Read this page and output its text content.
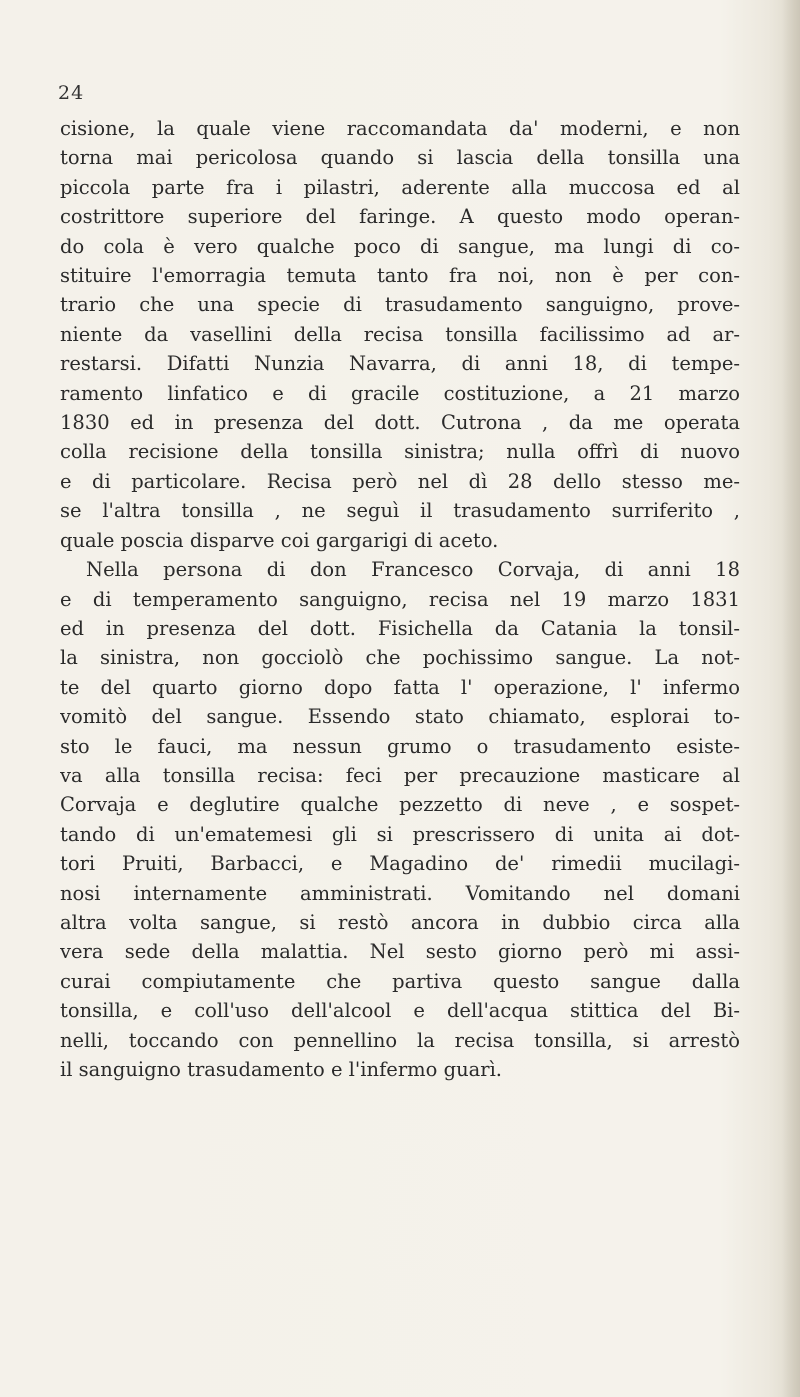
24
cisione, la quale viene raccomandata da' moderni, e non
torna mai pericolosa quando si lascia della tonsilla una
piccola parte fra i pilastri, aderente alla muccosa ed al
costrittore superiore del faringe. A questo modo operan-
do cola è vero qualche poco di sangue, ma lungi di co-
stituire l'emorragia temuta tanto fra noi, non è per con-
trario che una specie di trasudamento sanguigno, prove-
niente da vasellini della recisa tonsilla facilissimo ad ar-
restarsi. Difatti Nunzia Navarra, di anni 18, di tempe-
ramento linfatico e di gracile costituzione, a 21 marzo
1830 ed in presenza del dott. Cutrona , da me operata
colla recisione della tonsilla sinistra; nulla offrì di nuovo
e di particolare. Recisa però nel dì 28 dello stesso me-
se l'altra tonsilla , ne seguì il trasudamento surriferito ,
quale poscia disparve coi gargarigi di aceto.
Nella persona di don Francesco Corvaja, di anni 18
e di temperamento sanguigno, recisa nel 19 marzo 1831
ed in presenza del dott. Fisichella da Catania la tonsil-
la sinistra, non gocciolò che pochissimo sangue. La not-
te del quarto giorno dopo fatta l' operazione, l' infermo
vomitò del sangue. Essendo stato chiamato, esplorai to-
sto le fauci, ma nessun grumo o trasudamento esiste-
va alla tonsilla recisa: feci per precauzione masticare al
Corvaja e deglutire qualche pezzetto di neve , e sospet-
tando di un'ematemesi gli si prescrissero di unita ai dot-
tori Pruiti, Barbacci, e Magadino de' rimedii mucilagi-
nosi internamente amministrati. Vomitando nel domani
altra volta sangue, si restò ancora in dubbio circa alla
vera sede della malattia. Nel sesto giorno però mi assi-
curai compiutamente che partiva questo sangue dalla
tonsilla, e coll'uso dell'alcool e dell'acqua stittica del Bi-
nelli, toccando con pennellino la recisa tonsilla, si arrestò
il sanguigno trasudamento e l'infermo guarì.
